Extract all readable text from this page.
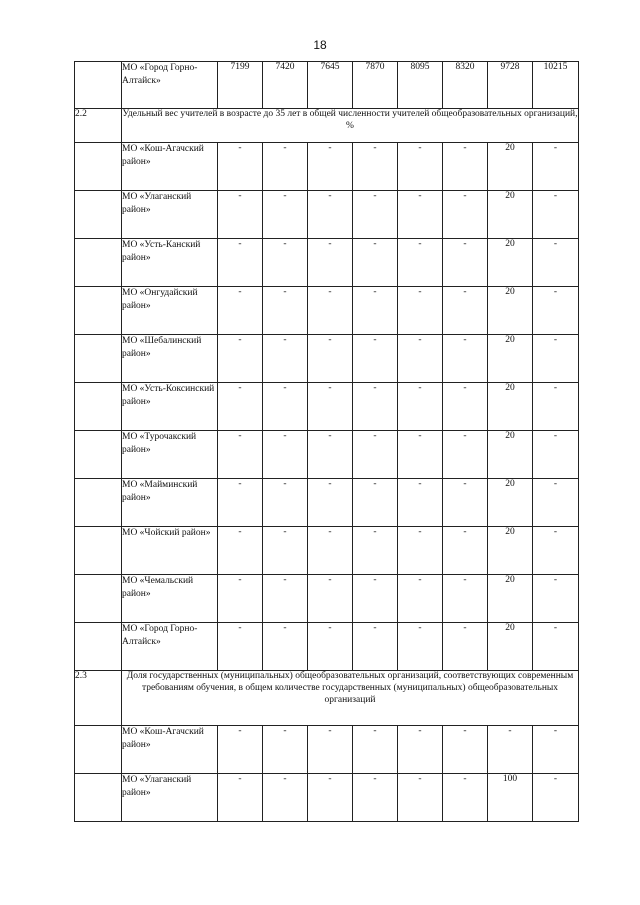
18
	МО «Город Горно-Алтайск»	7199	7420	7645	7870	8095	8320	9728	10215
2.2	Удельный вес учителей в возрасте до 35 лет в общей численности учителей общеобразовательных организаций, %								
	МО «Кош-Агачский район»	-	-	-	-	-	-	20	-
	МО «Улаганский район»	-	-	-	-	-	-	20	-
	МО «Усть-Канский район»	-	-	-	-	-	-	20	-
	МО «Онгудайский район»	-	-	-	-	-	-	20	-
	МО «Шебалинский район»	-	-	-	-	-	-	20	-
	МО «Усть-Коксинский район»	-	-	-	-	-	-	20	-
	МО «Турочакский район»	-	-	-	-	-	-	20	-
	МО «Майминский район»	-	-	-	-	-	-	20	-
	МО «Чойский район»	-	-	-	-	-	-	20	-
	МО «Чемальский район»	-	-	-	-	-	-	20	-
	МО «Город Горно-Алтайск»	-	-	-	-	-	-	20	-
2.3	Доля государственных (муниципальных) общеобразовательных организаций, соответствующих современным требованиям обучения, в общем количестве государственных (муниципальных) общеобразовательных организаций								
	МО «Кош-Агачский район»	-	-	-	-	-	-	-	-
	МО «Улаганский район»	-	-	-	-	-	-	100	-
